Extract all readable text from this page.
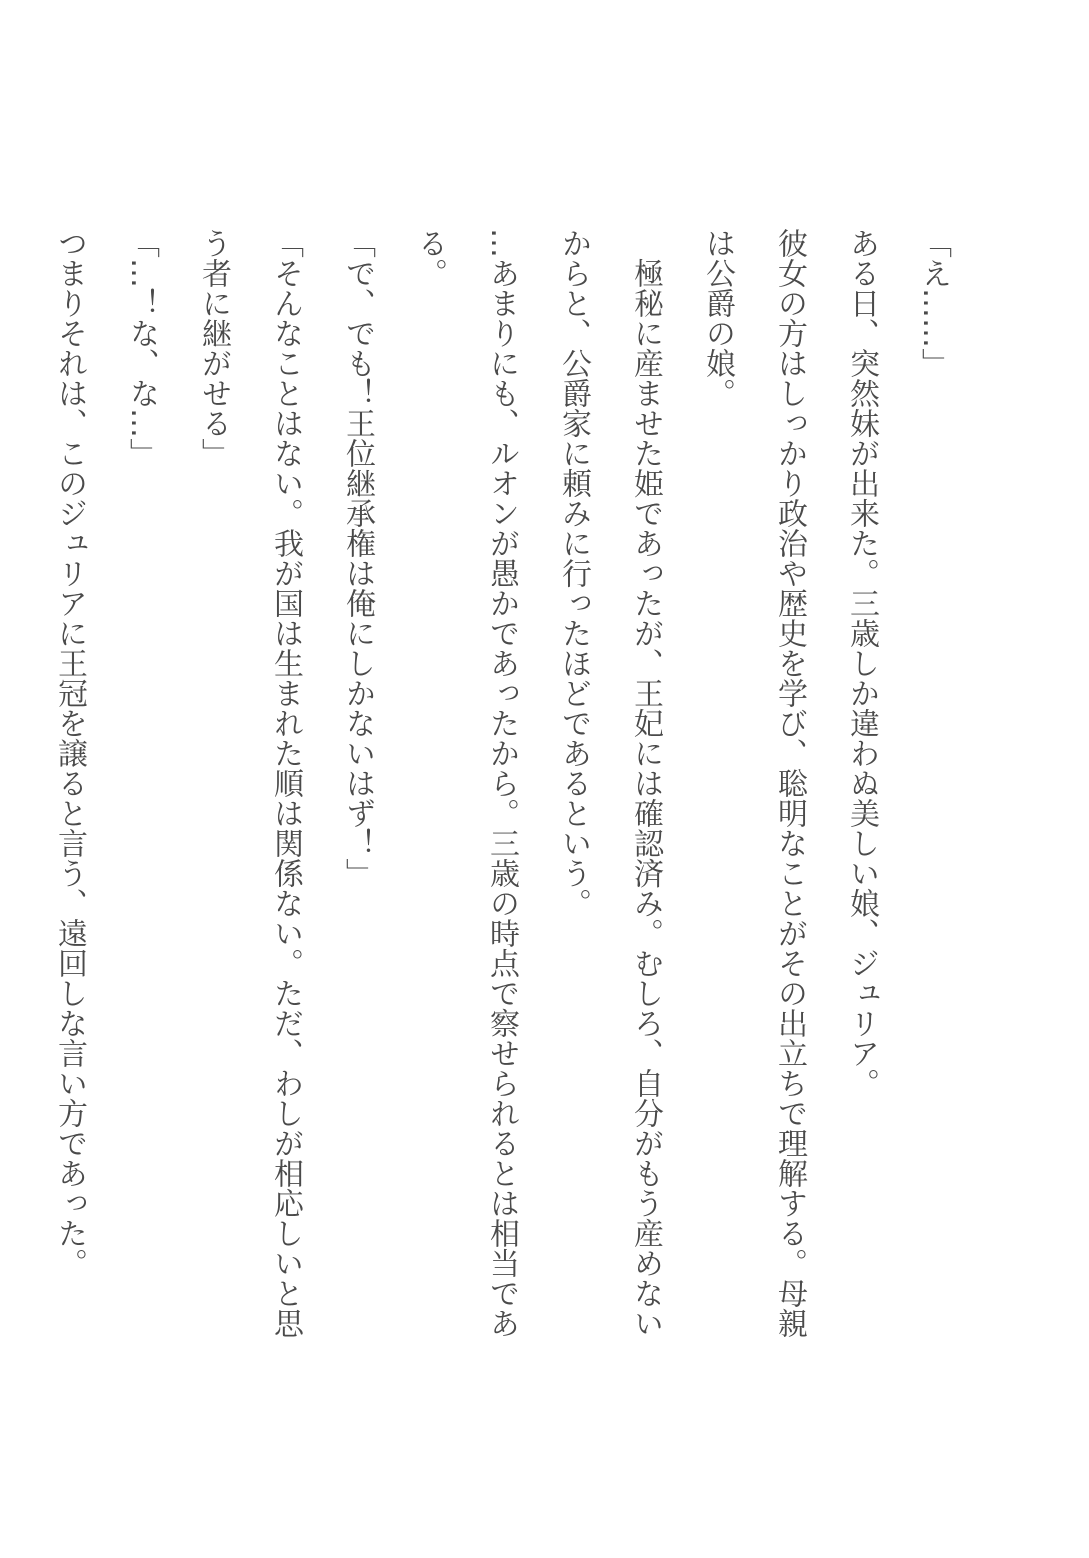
「え……」

ある日、突然妹が出来た。三歳しか違わぬ美しい娘、ジュリア。

彼女の方はしっかり政治や歴史を学び、聡明なことがその出立ちで理解する。母親は公爵の娘。

極秘に産ませた姫であったが、王妃には確認済み。むしろ、自分がもう産めないからと、公爵家に頼みに行ったほどであるという。

…あまりにも、ルオンが愚かであったから。三歳の時点で察せられるとは相当である。

「で、でも！王位継承権は俺にしかないはず！」

「そんなことはない。我が国は生まれた順は関係ない。ただ、わしが相応しいと思う者に継がせる」

「…！な、な…」

つまりそれは、このジュリアに王冠を譲ると言う、遠回しな言い方であった。
